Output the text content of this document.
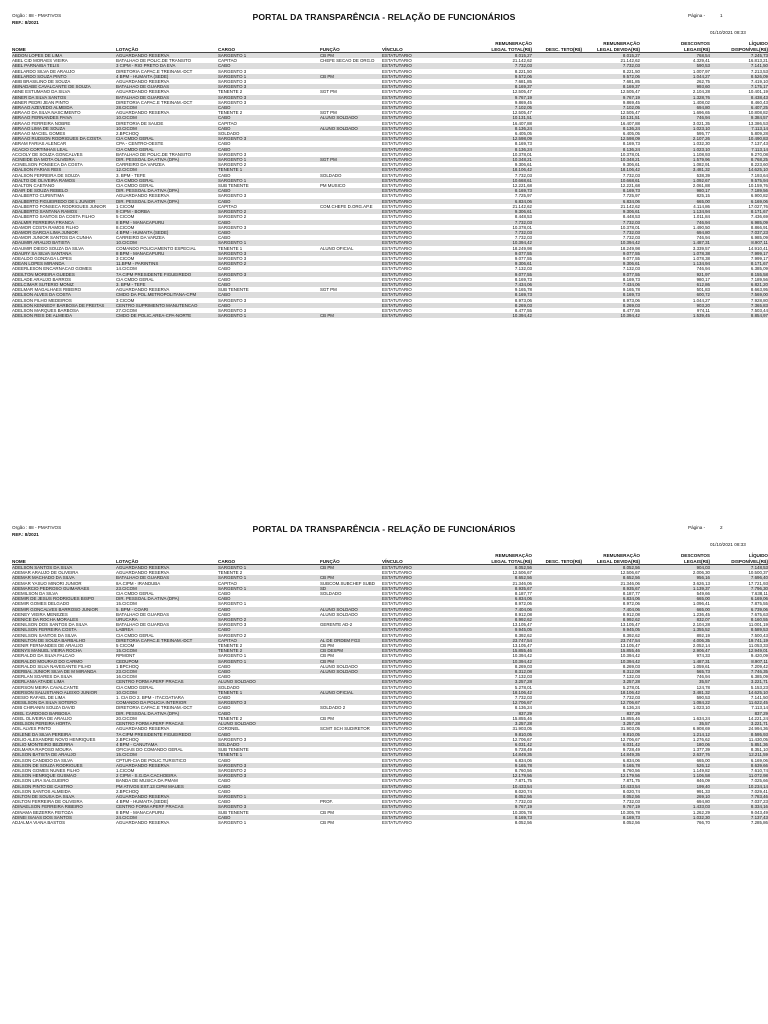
Orgão : 88 - PMATIVOS
REF.: 8/2021
PORTAL DA TRANSPARÊNCIA - RELAÇÃO DE FUNCIONÁRIOS	Página -	1
01/10/2021 08:33
NOME	LOTAÇÃO	CARGO	FUNÇÃO	VÍNCULO
REMUNERAÇÃO
LEGAL TOTAL(R$)	DESC. TETO(R$)
REMUNERAÇÃO
LEGAL DEVIDA(R$)
DESCONTOS
LEGAIS(R$)
LÍQUIDO
DISPONÍVEL(R$)
ABDON LOPES DE LIMA	AGUARDANDO RESERVA	SARGENTO 1	CB PM	ESTATUTARIO	8.015,27		8.015,27	768,54	7.245,73
ABEL CID MORAES VIEIRA	BATALHAO DE POLIC.DE TRANSITO	CAPITAO	CHEFE SECAO DE ORG.D	ESTATUTARIO	21.142,62		21.142,62	4.329,41	16.813,21
ABEL PARNAIBA TELIS	3 CIPM - RIO PRETO DA EVA	CABO		ESTATUTARIO	7.732,03		7.732,03	590,53	7.141,50
ABELARDO SILVA DE ARAUJO	DIRETORIA CAPAC.E TREINAM.-DCT	SARGENTO 3		ESTATUTARIO	8.221,50		8.221,50	1.007,97	7.213,53
ABELARDO SOUZA PINTO	4 BPM - HUMAITA (SEDE)	SARGENTO 1	CB PM	ESTATUTARIO	9.572,06		9.572,06	1.044,27	8.526,09
ABIB BRASILINO DE SOUZA	AGUARDANDO RESERVA	SARGENTO 3		ESTATUTARIO	7.681,85		7.681,85	262,75	7.419,10
ABINADABE CAVALCANTE DE SOUZA	BATALHAO DE GUARDAS	SARGENTO 3		ESTATUTARIO	8.169,37		8.169,37	993,60	7.175,17
ABNE ESTUMANO DA SILVA	AGUARDANDO RESERVA	TENENTE 2	SGT PM	ESTATUTARIO	12.505,47		12.505,47	2.104,28	10.401,19
ABNER DA SILVA SANTOS	BATALHAO DE GUARDAS	SARGENTO 3		ESTATUTARIO	9.767,19		9.767,19	1.328,76	8.438,43
ABNER PEDRI JEAN PINTO	DIRETORIA CAPAC.E TREINAM.-DCT	SARGENTO 3		ESTATUTARIO	9.869,45		9.869,45	1.408,02	8.460,43
ABRAAO AZEVEDO ALMEIDA	28.CICOM	CABO		ESTATUTARIO	7.102,05		7.102,05	694,80	6.407,25
ABRAAO DA SILVA NASCIMENTO	AGUARDANDO RESERVA	TENENTE 2	SGT PM	ESTATUTARIO	12.505,47		12.505,47	1.696,65	10.808,82
ABRAAO FERNANDES PAIVA	10.CICOM	CABO	ALUNO SOLDADO	ESTATUTARIO	10.131,51		10.131,51	746,94	9.384,57
ABRAAO FERREIRA NOBRE	DIRETORIA DE SAUDE	CAPITAO		ESTATUTARIO	16.407,88		16.407,88	3.021,35	13.386,53
ABRAAO LIMA DE SOUZA	10.CICOM	CABO	ALUNO SOLDADO	ESTATUTARIO	8.136,24		8.136,24	1.023,10	7.113,14
ABRAAO MACIEL GOMES	2.BPCHOQ	SOLDADO		ESTATUTARIO	6.405,05		6.405,05	595,77	5.809,28
ABRAAO RUDSON RODRIGUES DA COSTA	CIA CMDO GERAL	SARGENTO 3		ESTATUTARIO	12.598,09		12.598,09	2.107,26	10.490,83
ABRAM FARIAS ALENCAR	CPA - CENTRO-OESTE	CABO		ESTATUTARIO	8.169,73		8.169,73	1.032,30	7.137,43
ACACIO CORTINHAS LEAL	CIA CMDO GERAL	CABO		ESTATUTARIO	8.136,24		8.136,24	1.023,10	7.113,14
ACCIOLY DE SOUZA GONCALVES	BATALHAO DE POLIC.DE TRANSITO	SARGENTO 3		ESTATUTARIO	10.378,01		10.378,01	1.108,93	9.270,08
ACINEIDE DA MOTA OLIVEIRA	DIR. PESSOAL DA ATIVA (DPA)	SARGENTO 1	SGT PM	ESTATUTARIO	10.348,21		10.348,21	1.579,96	8.768,25
ACINELSON FONSECA DA COSTA	CARREIRO DA VARZEA	SARGENTO 2		ESTATUTARIO	9.306,61		9.306,61	1.082,91	8.223,60
ADALSON FARIAS REIS	12.CICOM	TENENTE 1		ESTATUTARIO	18.106,42		18.106,42	3.481,32	14.625,10
ADALSON FERREIRA DE SOUZA	3. BPM - TEFE	CABO	SOLDADO	ESTATUTARIO	7.732,03		7.732,03	538,39	7.193,64
ADALTO DE OLIVEIRA RAMOS	CIA CMDO GERAL	SARGENTO 1		ESTATUTARIO	10.668,61		10.668,61	1.092,67	9.575,94
ADALTON CAETANO	CIA CMDO GERAL	SUB TENENTE	PM MUSICO	ESTATUTARIO	12.221,68		12.221,68	2.061,88	10.159,76
ADAIR DE SOUZA REBELO	DIR. PESSOAL DA ATIVA (DPA)	CABO		ESTATUTARIO	8.169,73		8.169,73	980,17	7.189,56
ADALBERTO CURINTIMA	AGUARDANDO RESERVA	SARGENTO 3		ESTATUTARIO	7.725,97		7.725,97	825,15	6.900,82
ADALBERTO FIGUEIREDO DE L JUNIOR	DIR. PESSOAL DA ATIVA (DPA)	CABO		ESTATUTARIO	6.834,06		6.834,06	665,00	6.169,06
ADALBERTO FONSECA RODRIGUES JUNIOR	1 CICOM	CAPITAO	COM.CHEFE D.ORG.AP.E	ESTATUTARIO	21.142,62		21.142,62	4.114,86	17.027,76
ADALBERTO SANTANA RAMOS	9 CIPM - BORBA	SARGENTO 2		ESTATUTARIO	9.306,61		9.306,61	1.134,94	8.171,67
ADALBERTO SANTOS DA COSTA FILHO	5 CICOM	SARGENTO 2		ESTATUTARIO	8.448,53		8.448,53	1.011,84	7.436,69
ADALMIR FERREIRA FRANCA	8 BPM - MANACAPURU	CABO		ESTATUTARIO	7.732,03		7.732,03	746,94	6.985,09
ADAMOR COSTA RAMOS FILHO	8.CICOM	SARGENTO 3		ESTATUTARIO	10.378,01		10.378,01	1.490,50	8.866,91
ADAMOR GARCIA LIMA JUNIOR	4 BPM - HUMAITA (SEDE)	CABO		ESTATUTARIO	7.732,03		7.732,03	694,80	7.037,23
ADAMOR JUNIOR SANTOS DA CUNHA	CARREIRO DA VARZEA	CABO		ESTATUTARIO	7.732,03		7.732,03	746,94	6.985,09
ADAUMIR ARAUJO BATISTA	10.CICOM	SARGENTO 1		ESTATUTARIO	10.394,42		10.394,42	1.487,31	8.907,11
ADAUMIR DIEGO SOUZA DA SILVA	COMANDO POLICIAMENTO ESPECIAL	TENENTE 1	ALUNO OFICIAL	ESTATUTARIO	18.249,98		18.249,98	3.339,57	14.910,41
ADAURY SA SILVA SANTANA	8 BPM - MANACAPURU	SARGENTO 3		ESTATUTARIO	9.077,55		9.077,55	1.078,38	7.999,17
ADEALDO GONZAGA LOPES	3 CICOM	SARGENTO 3		ESTATUTARIO	9.077,55		9.077,55	1.078,38	7.999,17
ADEAN LOPES MIRANDA	11.BPM - PARINTINS	SARGENTO 2		ESTATUTARIO	9.306,61		9.306,61	1.134,94	8.171,67
ADEERLESON ENCARNACAO GOMES	14.CICOM	CABO		ESTATUTARIO	7.132,03		7.132,03	746,94	6.385,09
ADEILTON MOREIRA GUEDES	7A CIPM PRESIDENTE FIGUEIREDO	SARGENTO 3		ESTATUTARIO	9.077,55		9.077,55	921,97	8.155,58
ADELADE ARAUJO BARROS	CIA CMDO GERAL	CABO		ESTATUTARIO	8.169,73		8.169,73	980,17	7.189,56
ADELCIMAR SUTERIO MONIZ	3. BPM - TEFE	CABO		ESTATUTARIO	7.434,06		7.434,06	612,86	6.821,20
ADELMAR MAGALHAES RIBEIRO	AGUARDANDO RESERVA	SUB TENENTE	SGT PM	ESTATUTARIO	9.165,78		9.165,78	501,83	8.663,95
ADELSON ALVES DA COSTA	CMDO DA POL.METROPOLITANA-CPM	CABO		ESTATUTARIO	8.169,73		8.169,73	600,72	7.569,00
ADELSON FILHO MEDEIROS	3 CICOM	SARGENTO 3		ESTATUTARIO	8.973,06		8.973,06	1.044,27	7.928,80
ADELSON KENNEDY BARBOSA DE FREITAS	CENTRO SUPRIMENTO MANUTENCAO	CABO		ESTATUTARIO	8.269,03		8.269,03	903,20	7.365,83
ADELSON MARQUES BARBOSA	27.CICOM	SARGENTO 3		ESTATUTARIO	8.477,55		8.477,55	974,11	7.503,44
ADELSON REIS DE ALMEIDA	CMDO DE POLIC.AREA-CPA-NORTE	SARGENTO 1	CB PM	ESTATUTARIO	10.394,42		10.394,42	1.539,45	8.854,97
Orgão : 88 - PMATIVOS
REF.: 8/2021
PORTAL DA TRANSPARÊNCIA - RELAÇÃO DE FUNCIONÁRIOS	Página -	2
01/10/2021 08:33
NOME	LOTAÇÃO	CARGO	FUNÇÃO	VÍNCULO
REMUNERAÇÃO
LEGAL TOTAL(R$)	DESC. TETO(R$)
REMUNERAÇÃO
LEGAL DEVIDA(R$)
DESCONTOS
LEGAIS(R$)
LÍQUIDO
DISPONÍVEL(R$)
ADELSON SANTOS DA SILVA	AGUARDANDO RESERVA	SARGENTO 1	CB PM	ESTATUTARIO	8.052,56		8.052,56	904,03	7.148,53
ADEMAR ARAUJO DE OLIVEIRA	AGUARDANDO RESERVA	TENENTE 2		ESTATUTARIO	12.506,67		12.506,67	2.006,30	10.500,37
ADEMAR MACHADO DA SILVA	BATALHAO DE GUARDAS	SARGENTO 1	CB PM	ESTATUTARIO	8.652,56		8.652,56	956,16	7.696,40
ADEMAR YASUO MINORI JUNIOR	8A.CIPM - IRANDUBA	CAPITAO	SUBCOM.SUBCHEF SUBD	ESTATUTARIO	21.346,06		21.346,06	3.626,13	17.721,93
ADEMARCIO PEDROSO GUIMARAES	23.CICOM	SARGENTO 1	SD	ESTATUTARIO	8.935,67		8.935,67	1.139,37	7.796,30
ADEMILSON DA SILVA	CIA CMDO GERAL	CABO	SOLDADO	ESTATUTARIO	8.187,77		8.187,77	549,66	7.638,11
ADEMIR DE JESUS RODRIGUES BISPO	DIR. PESSOAL DA ATIVA (DPA)	CABO		ESTATUTARIO	6.834,06		6.834,06	665,00	6.169,06
ADEMIR GOMES DELGADO	15.CICOM	SARGENTO 1		ESTATUTARIO	8.972,06		8.972,06	1.096,41	7.875,55
ADEMIR GONCALVES BARROSO JUNIOR	5. BPM - COARI	CABO	ALUNO SOLDADO	ESTATUTARIO	7.404,06		7.404,06	665,00	6.739,06
ADENEY VIEIRA MENEZES	BATALHAO DE GUARDAS	CABO	ALUNO SOLDADO	ESTATUTARIO	8.912,08		8.912,08	1.236,45	7.675,63
ADENICE DA ROCHA MORALES	URUCARA	SARGENTO 2		ESTATUTARIO	8.992,62		8.992,62	832,07	8.160,55
ADENILSON DOS SANTOS DA SILVA	BATALHAO DE GUARDAS	SARGENTO 3	GERENTE AD-2	ESTATUTARIO	13.105,47		13.105,47	2.104,28	11.001,19
ADENILSON FERREIRA COSTA	LABREA	CABO		ESTATUTARIO	9.945,05		9.945,05	1.355,52	8.589,53
ADENILSON SANTOS DA SILVA	CIA CMDO GERAL	SARGENTO 2		ESTATUTARIO	8.392,62		8.392,62	892,19	7.500,43
ADENILTON DE SOUZA BARBALHO	DIRETORIA CAPAC.E TREINAM.-DCT	CAPITAO	AL DE ORDEM FG3	ESTATUTARIO	23.747,54		23.747,54	4.006,35	19.741,19
ADENIR FERNANDES DE ARAUJO	5 CICOM	TENENTE 2	CB PM	ESTATUTARIO	13.105,47		13.105,47	2.052,14	11.053,33
ADENYS MANUEL VIEIRA ROCHA	15.CICOM	TENENTE 2	CB DESPM	ESTATUTARIO	15.855,46		15.855,46	2.906,47	12.949,01
ADERALDO DA SILVA FALCAO	RPMONT	SARGENTO 1	CB PM	ESTATUTARIO	10.394,42		10.394,42	974,33	9.420,09
ADERALDO MOURAO DO CARMO	CEDUPOM	SARGENTO 1	CB PM	ESTATUTARIO	10.394,42		10.394,42	1.487,31	8.907,11
ADERALDO SILVA NAVEGANTE FILHO	1 BPCHOQ	CABO	ALUNO SOLDADO	ESTATUTARIO	8.269,03		8.269,03	1.059,61	7.209,42
ADERBAL JUNIOR SILVA DE M MIRANDA	23.CICOM	CABO	ALUNO SOLDADO	ESTATUTARIO	8.312,08		8.312,08	565,73	7.746,35
ADERLAN SOARES DA SILVA	16.CICOM	CABO		ESTATUTARIO	7.132,03		7.132,03	746,94	6.385,09
ADERLANIA ATAIDE LIMA	CENTRO FORM APERF PRACAS	ALUNO SOLDADO		ESTATUTARIO	3.257,28		3.257,28	35,57	3.221,71
ADERSON MEIRA CAVALCANTE	CIA CMDO GERAL	SOLDADO		ESTATUTARIO	5.278,01		5.278,01	124,78	5.153,23
ADERSON SALUSTIANO ALEIXO JUNIOR	10.CICOM	TENENTE 1	ALUNO OFICIAL	ESTATUTARIO	18.106,42		18.106,42	3.481,32	14.625,10
ADESIO RAFAEL DE LIMA	1. CIA DO 2. BPM - ITACOATIARA	CABO		ESTATUTARIO	7.732,03		7.732,03	590,53	7.141,50
ADESILSON DA SILVA SOTERO	COMANDO DA POLICIA INTERIOR	SARGENTO 3		ESTATUTARIO	12.706,67		12.706,67	1.084,22	11.622,45
ADIB CHIRANIN SOUZA DAVID	DIRETORIA CAPAC.E TREINAM.-DCT	CABO	SOLDADO 2	ESTATUTARIO	8.136,24		8.136,24	1.023,10	7.113,14
ADIEL CARDOSO BARBOSA	DIR. PESSOAL DA ATIVA (DPA)	CABO		ESTATUTARIO	837,29		837,29		837,29
ADIEL OLIVEIRA DE ARAUJO	20.CICOM	TENENTE 2	CB PM	ESTATUTARIO	15.855,46		15.855,46	1.634,24	14.221,24
ADIELSON PEREIRA HORTA	CENTRO FORM APERF PRACAS	ALUNO SOLDADO		ESTATUTARIO	3.257,28		3.257,28	35,57	3.221,71
ADIL ALVES PINTO	AGUARDANDO RESERVA	CORONEL	SCMT SCH SUDIRETOR	ESTATUTARIO	31.903,05		31.903,05	6.908,69	24.994,36
ADILENE DA SILVA PEREIRA	7A CIPM PRESIDENTE FIGUEIREDO	CABO		ESTATUTARIO	9.810,05		9.810,05	1.214,12	8.595,93
ADILIO ALEXANDRE NOVO HENRIQUES	2.BPCHOQ	SARGENTO 3		ESTATUTARIO	12.706,67		12.706,67	1.276,62	11.430,05
ADILIO MONTEIRO BEZERRA	4 BPM - CANUTAMA	SOLDADO		ESTATUTARIO	6.031,42		6.031,42	180,06	5.851,36
ADILMARA RAPOSO MOURA	OFICIAIS DO COMANDO GERAL	SUB TENENTE		ESTATUTARIO	9.728,49		9.728,49	1.377,39	8.351,10
ADILSON BATISTA DE ARAUJO	15.CICOM	TENENTE 1		ESTATUTARIO	14.849,35		14.849,35	2.637,76	12.211,59
ADILSON CANDIDO DA SILVA	CPTUR-CIA DE POLIC.TURISTICO	CABO		ESTATUTARIO	6.834,06		6.834,06	665,00	6.169,06
ADILSON DE SOUZA RODRIGUES	AGUARDANDO RESERVA	SARGENTO 3		ESTATUTARIO	9.165,78		9.165,78	526,12	8.639,66
ADILSON GOMES NUNES FILHO	1.CICOM	SARGENTO 2		ESTATUTARIO	8.760,56		8.760,56	1.149,82	7.610,74
ADILSON HENRIQUE GUSMAO	2 CIPM - S.G.DA CACHOEIRA	SARGENTO 3		ESTATUTARIO	12.179,56		12.179,56	1.106,58	11.072,98
ADILSON LIRA SALGUEIRO	BANDA DE MUSICA DA PMAM	CABO		ESTATUTARIO	7.871,75		7.871,75	846,09	7.025,66
ADILSON PINTO DE CASTRO	PM ATIVOS EXT.13 CIPM MAUES	CABO		ESTATUTARIO	10.433,54		10.433,54	199,40	10.234,14
ADILSON SANTOS ALMEIDA	2.BPCHOQ	CABO		ESTATUTARIO	8.020,74		8.020,74	991,33	7.029,41
ADILTON DE SOUSA DA SILVA	AGUARDANDO RESERVA	SARGENTO 1		ESTATUTARIO	8.052,56		8.052,56	269,10	7.783,46
ADILTON FERREIRA DE OLIVEIRA	4 BPM - HUMAITA (SEDE)	CABO	PROF.	ESTATUTARIO	7.732,03		7.732,03	694,80	7.037,23
ADINAELSON FERREIRA RIBEIRO	CENTRO FORM APERF PRACAS	SARGENTO 3		ESTATUTARIO	9.767,19		9.767,19	1.433,03	8.334,16
ADINAMA BEZERRA FEITOZA	8 BPM - MANACAPURU	SUB TENENTE	CB PM	ESTATUTARIO	10.305,78		10.305,78	1.262,29	9.043,49
ADINEI ISAIAS DOS SANTOS	24.CICOM	CABO		ESTATUTARIO	8.169,73		8.169,73	1.032,30	7.137,43
ADJALMA VIANA BASTOS	AGUARDANDO RESERVA	SARGENTO 1	CB PM	ESTATUTARIO	8.052,56		8.052,56	766,70	7.285,86
